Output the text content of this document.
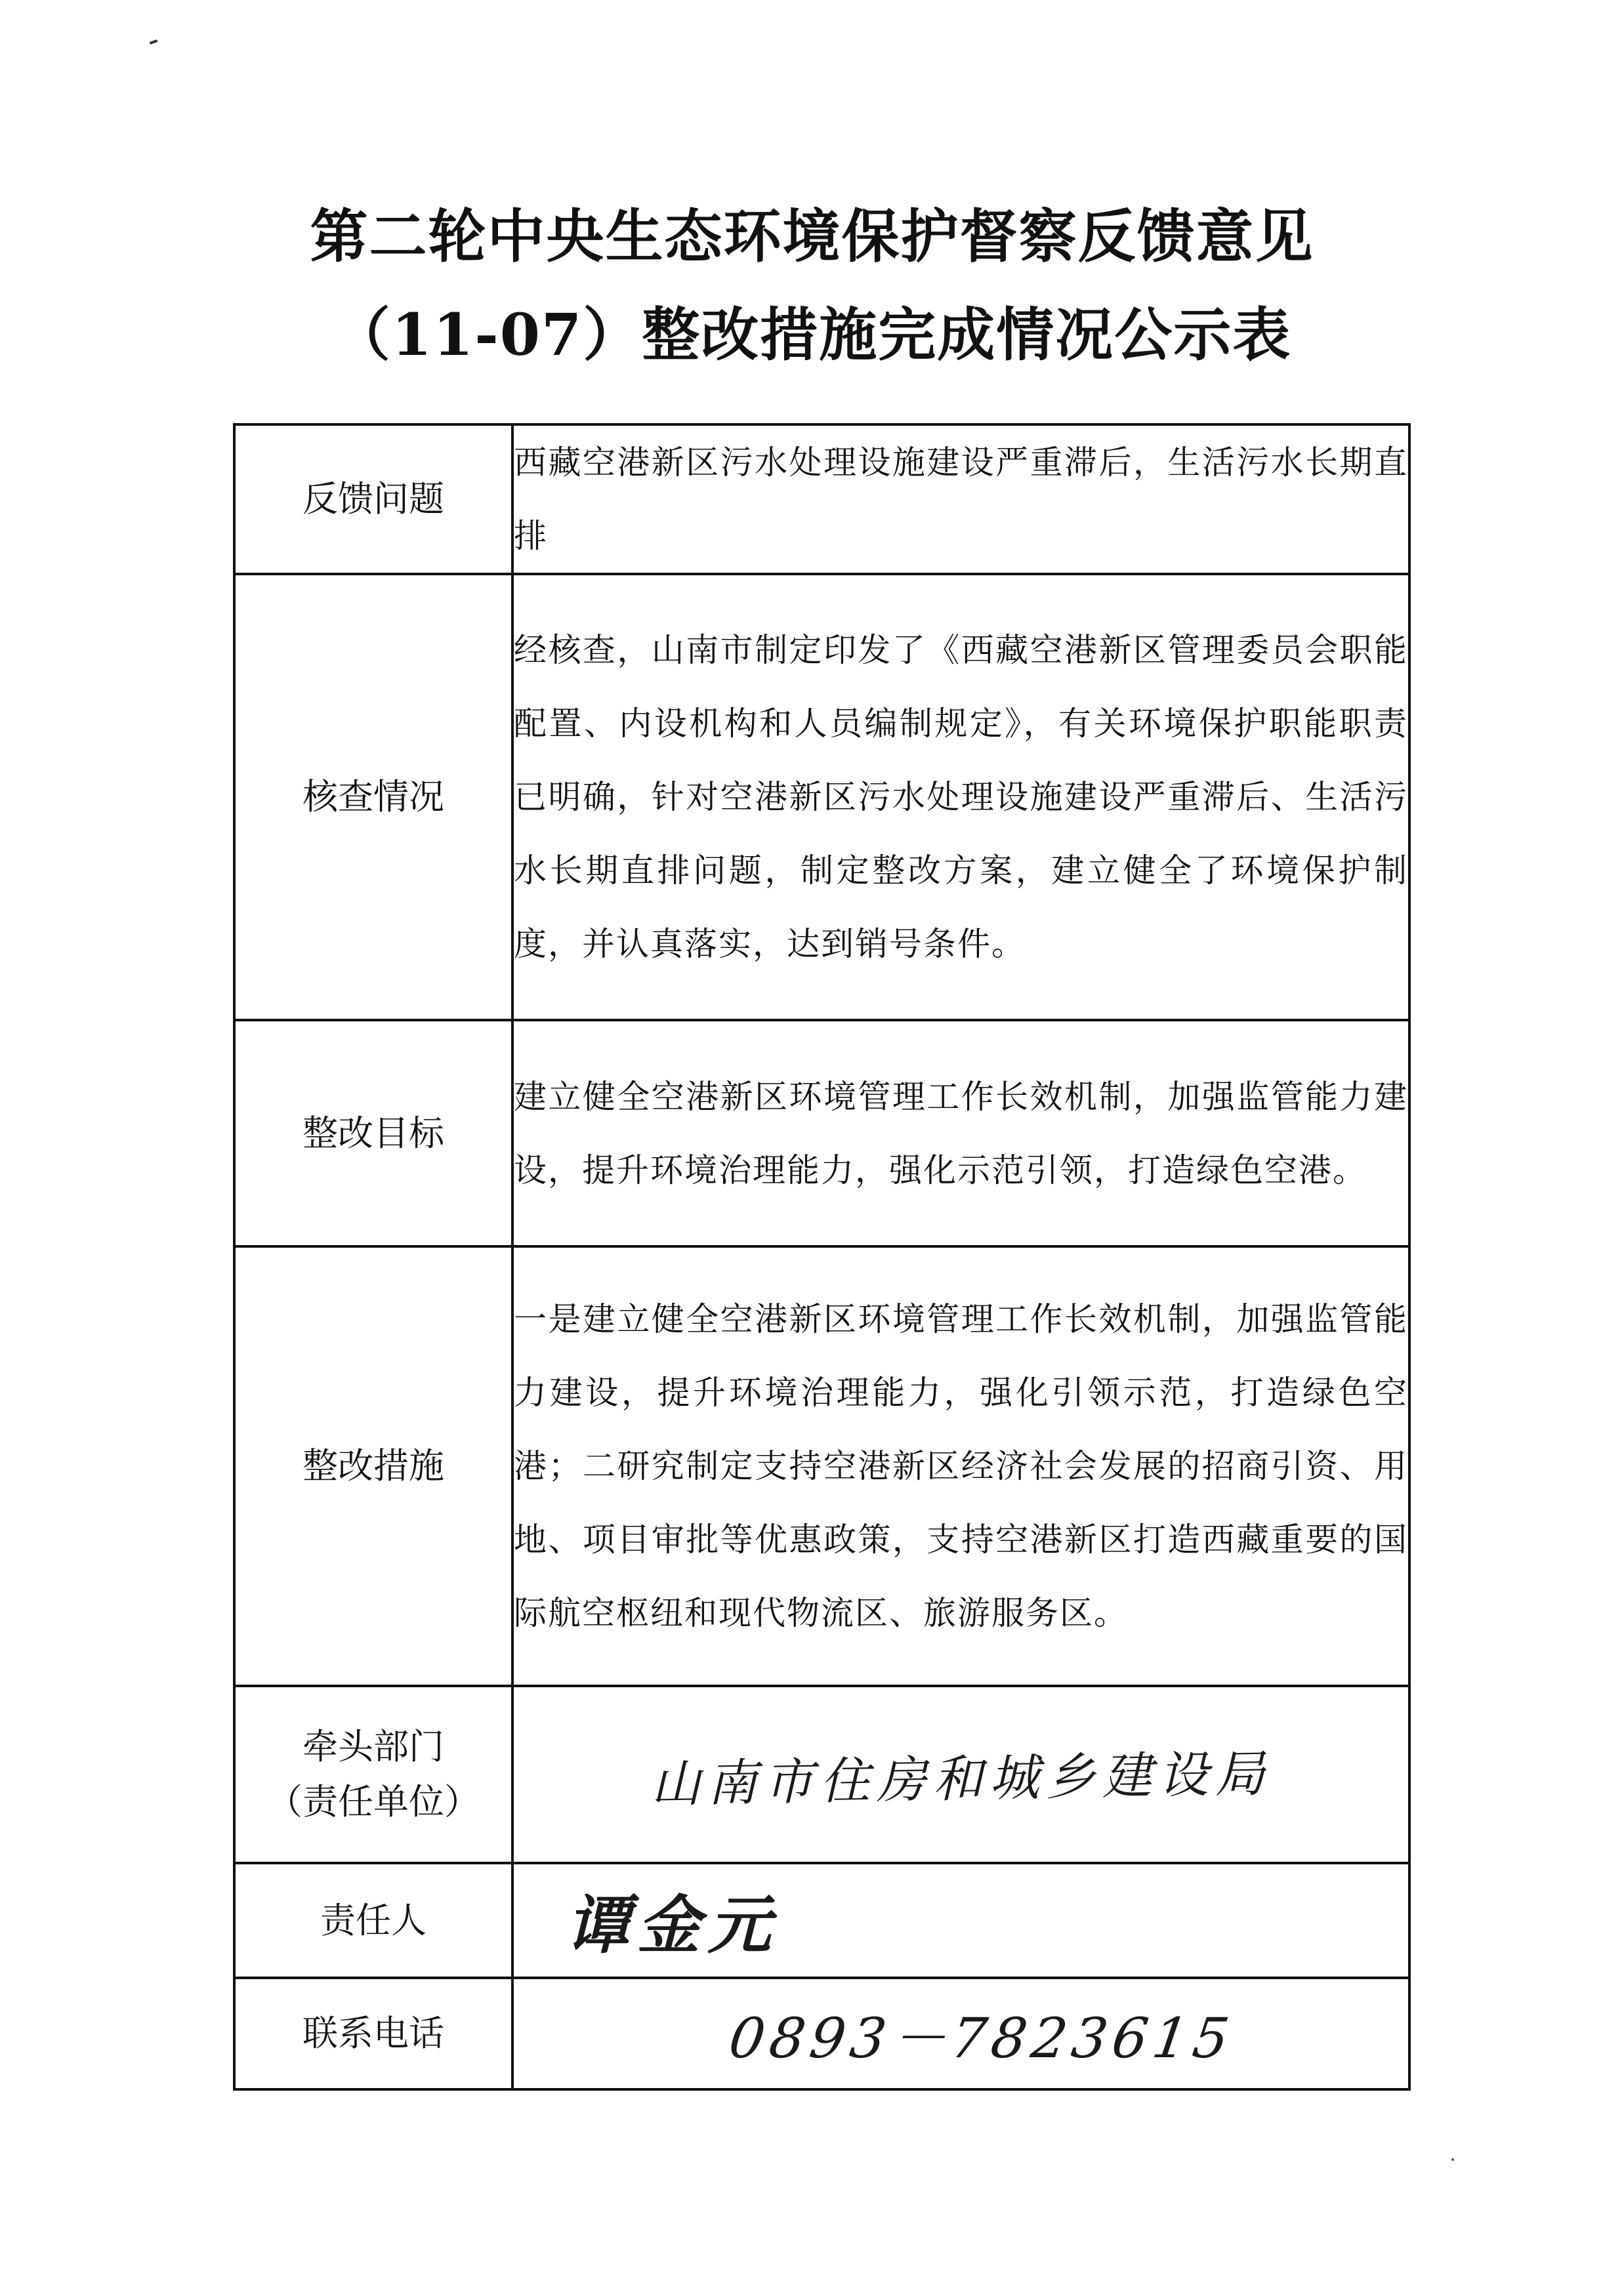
第二轮中央生态环境保护督察反馈意见
（11-07）整改措施完成情况公示表
反馈问题	西藏空港新区污水处理设施建设严重滞后，生活污水长期直排
核查情况	经核查，山南市制定印发了《西藏空港新区管理委员会职能配置、内设机构和人员编制规定》，有关环境保护职能职责已明确，针对空港新区污水处理设施建设严重滞后、生活污水长期直排问题，制定整改方案，建立健全了环境保护制度，并认真落实，达到销号条件。
整改目标	建立健全空港新区环境管理工作长效机制，加强监管能力建设，提升环境治理能力，强化示范引领，打造绿色空港。
整改措施	一是建立健全空港新区环境管理工作长效机制，加强监管能力建设，提升环境治理能力，强化引领示范，打造绿色空港；二研究制定支持空港新区经济社会发展的招商引资、用地、项目审批等优惠政策，支持空港新区打造西藏重要的国际航空枢纽和现代物流区、旅游服务区。

牵头部门
（责任单位）	山南市住房和城乡建设局

责任人	谭金元

联系电话	0893－7823615
